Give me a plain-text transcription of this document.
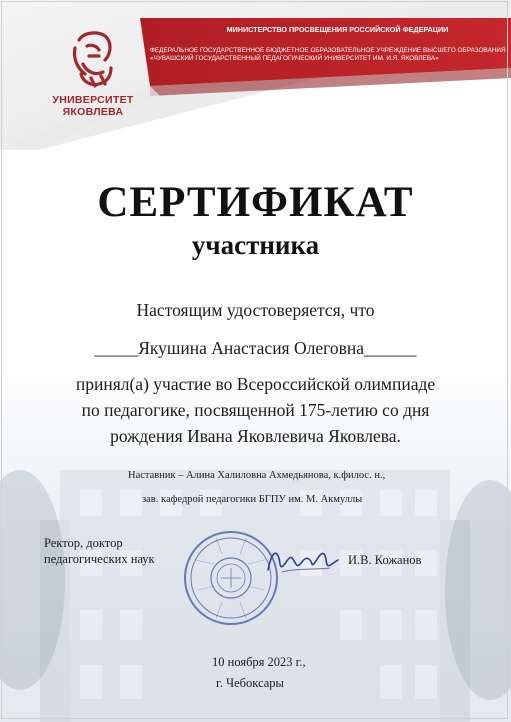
УНИВЕРСИТЕТ
ЯКОВЛЕВА
МИНИСТЕРСТВО ПРОСВЕЩЕНИЯ РОССИЙСКОЙ ФЕДЕРАЦИИ
ФЕДЕРАЛЬНОЕ ГОСУДАРСТВЕННОЕ БЮДЖЕТНОЕ ОБРАЗОВАТЕЛЬНОЕ УЧРЕЖДЕНИЕ ВЫСШЕГО ОБРАЗОВАНИЯ
«ЧУВАШСКИЙ ГОСУДАРСТВЕННЫЙ ПЕДАГОГИЧЕСКИЙ УНИВЕРСИТЕТ ИМ. И.Я. ЯКОВЛЕВА»
СЕРТИФИКАТ
участника
Настоящим удостоверяется, что
_____Якушина Анастасия Олеговна______
принял(а) участие во Всероссийской олимпиаде
по педагогике, посвященной 175-летию со дня
рождения Ивана Яковлевича Яковлева.
Наставник – Алина Халиловна Ахмедьянова, к.филос. н.,
зав. кафедрой педагогики БГПУ им. М. Акмуллы
Ректор, доктор
педагогических наук	И.В. Кожанов
10 ноября 2023 г.,
г. Чебоксары
